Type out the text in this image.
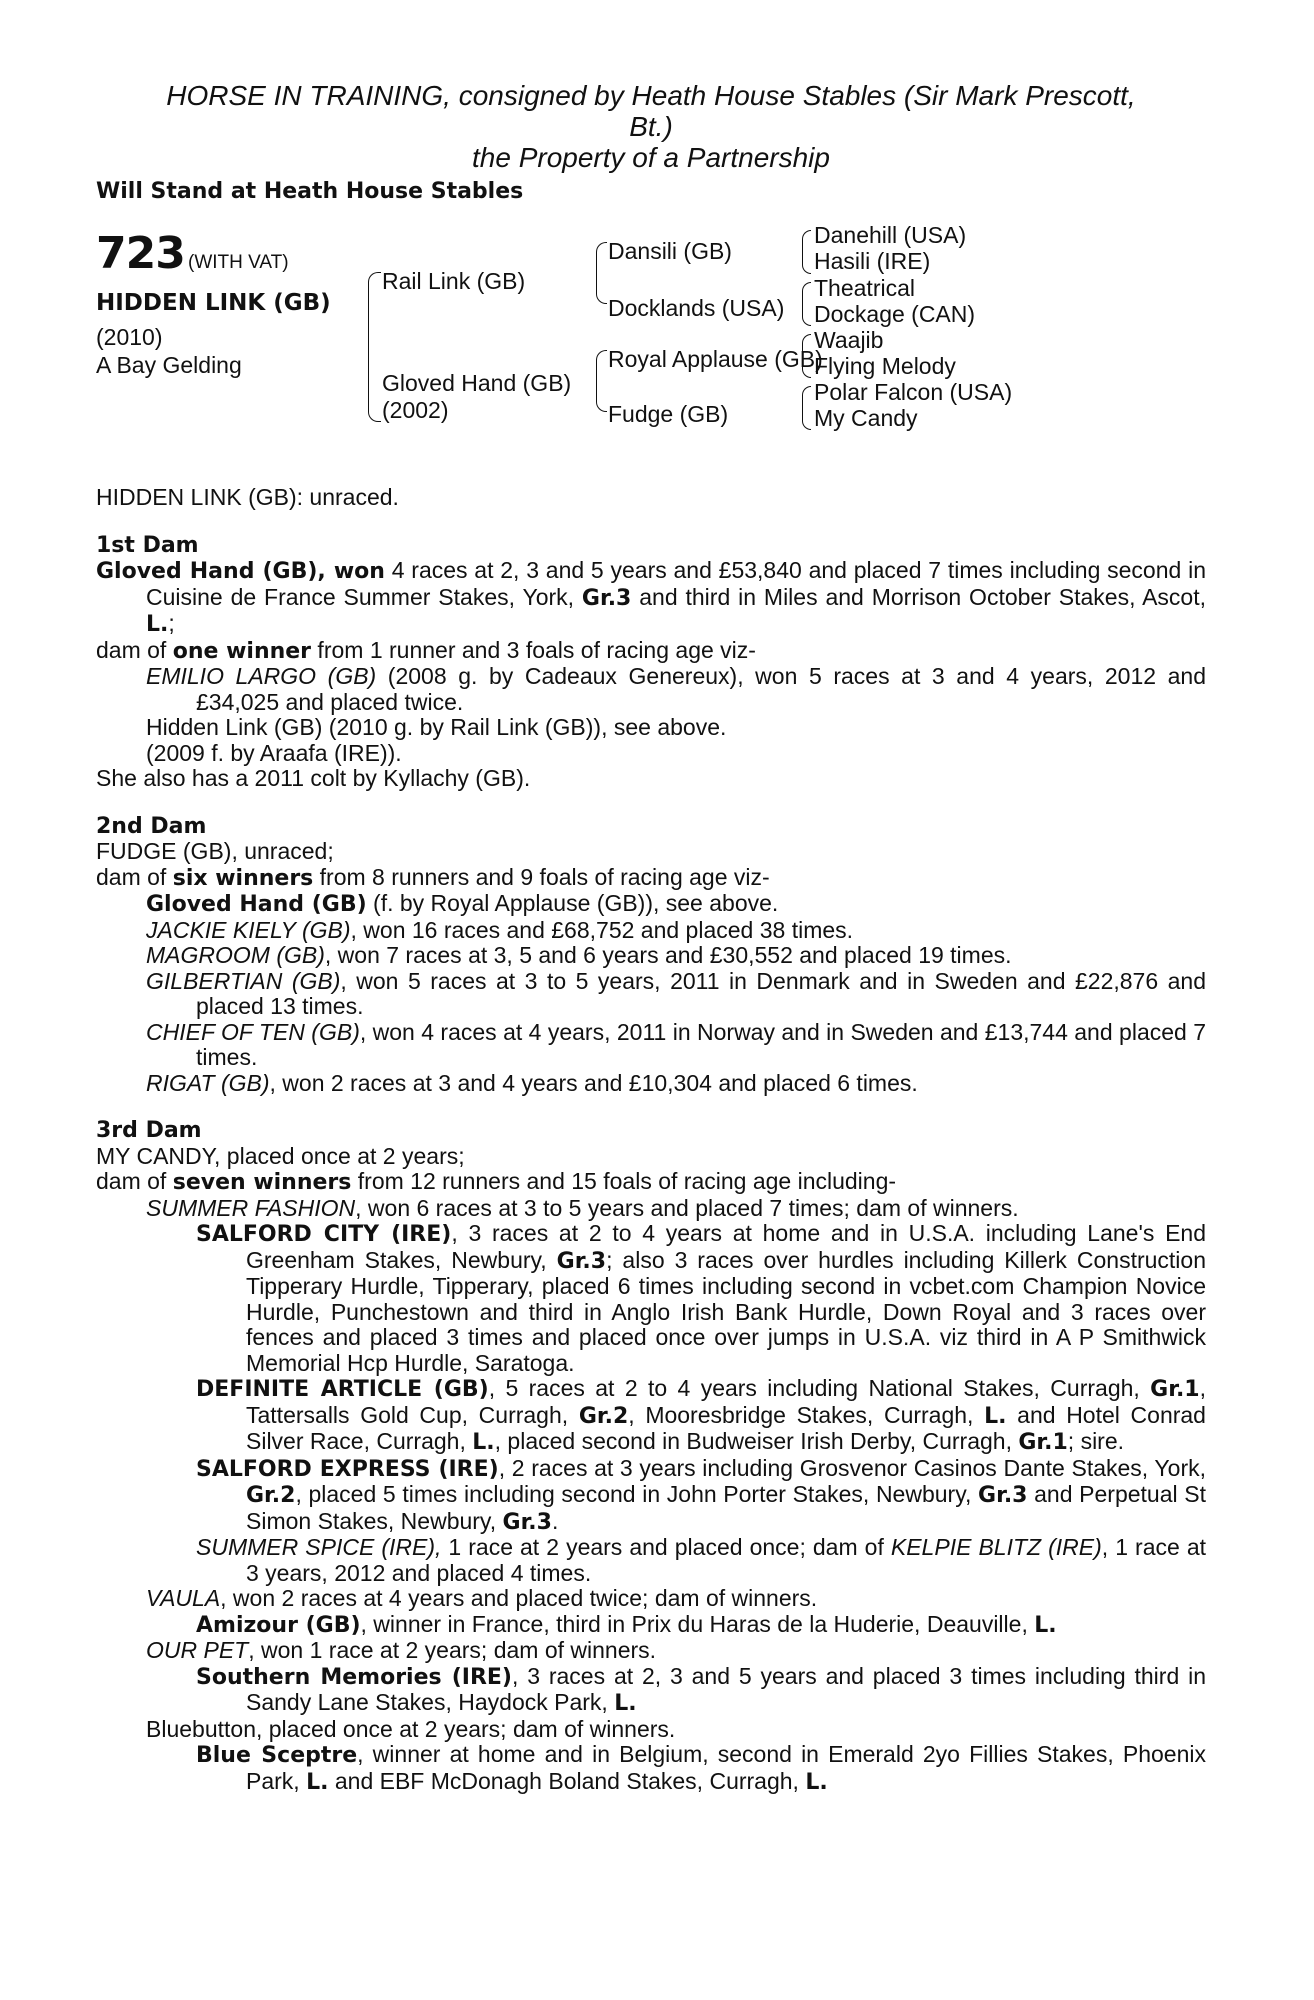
HORSE IN TRAINING, consigned by Heath House Stables (Sir Mark Prescott,
Bt.)
the Property of a Partnership
Will Stand at Heath House Stables
723 (WITH VAT)
HIDDEN LINK (GB)
(2010)
A Bay Gelding
Rail Link (GB)
Gloved Hand (GB)
(2002)
Dansili (GB)
Docklands (USA)
Royal Applause (GB)
Fudge (GB)
Danehill (USA)
Hasili (IRE)
Theatrical
Dockage (CAN)
Waajib
Flying Melody
Polar Falcon (USA)
My Candy
HIDDEN LINK (GB): unraced.
1st Dam
Gloved Hand (GB), won 4 races at 2, 3 and 5 years and £53,840 and placed 7 times including second in Cuisine de France Summer Stakes, York, Gr.3 and third in Miles and Morrison October Stakes, Ascot, L.;
dam of one winner from 1 runner and 3 foals of racing age viz-
EMILIO LARGO (GB) (2008 g. by Cadeaux Genereux), won 5 races at 3 and 4 years, 2012 and £34,025 and placed twice.
Hidden Link (GB) (2010 g. by Rail Link (GB)), see above.
(2009 f. by Araafa (IRE)).
She also has a 2011 colt by Kyllachy (GB).
2nd Dam
FUDGE (GB), unraced;
dam of six winners from 8 runners and 9 foals of racing age viz-
Gloved Hand (GB) (f. by Royal Applause (GB)), see above.
JACKIE KIELY (GB), won 16 races and £68,752 and placed 38 times.
MAGROOM (GB), won 7 races at 3, 5 and 6 years and £30,552 and placed 19 times.
GILBERTIAN (GB), won 5 races at 3 to 5 years, 2011 in Denmark and in Sweden and £22,876 and placed 13 times.
CHIEF OF TEN (GB), won 4 races at 4 years, 2011 in Norway and in Sweden and £13,744 and placed 7 times.
RIGAT (GB), won 2 races at 3 and 4 years and £10,304 and placed 6 times.
3rd Dam
MY CANDY, placed once at 2 years;
dam of seven winners from 12 runners and 15 foals of racing age including-
SUMMER FASHION, won 6 races at 3 to 5 years and placed 7 times; dam of winners.
SALFORD CITY (IRE), 3 races at 2 to 4 years at home and in U.S.A. including Lane's End Greenham Stakes, Newbury, Gr.3; also 3 races over hurdles including Killerk Construction Tipperary Hurdle, Tipperary, placed 6 times including second in vcbet.com Champion Novice Hurdle, Punchestown and third in Anglo Irish Bank Hurdle, Down Royal and 3 races over fences and placed 3 times and placed once over jumps in U.S.A. viz third in A P Smithwick Memorial Hcp Hurdle, Saratoga.
DEFINITE ARTICLE (GB), 5 races at 2 to 4 years including National Stakes, Curragh, Gr.1, Tattersalls Gold Cup, Curragh, Gr.2, Mooresbridge Stakes, Curragh, L. and Hotel Conrad Silver Race, Curragh, L., placed second in Budweiser Irish Derby, Curragh, Gr.1; sire.
SALFORD EXPRESS (IRE), 2 races at 3 years including Grosvenor Casinos Dante Stakes, York, Gr.2, placed 5 times including second in John Porter Stakes, Newbury, Gr.3 and Perpetual St Simon Stakes, Newbury, Gr.3.
SUMMER SPICE (IRE), 1 race at 2 years and placed once; dam of KELPIE BLITZ (IRE), 1 race at 3 years, 2012 and placed 4 times.
VAULA, won 2 races at 4 years and placed twice; dam of winners.
Amizour (GB), winner in France, third in Prix du Haras de la Huderie, Deauville, L.
OUR PET, won 1 race at 2 years; dam of winners.
Southern Memories (IRE), 3 races at 2, 3 and 5 years and placed 3 times including third in Sandy Lane Stakes, Haydock Park, L.
Bluebutton, placed once at 2 years; dam of winners.
Blue Sceptre, winner at home and in Belgium, second in Emerald 2yo Fillies Stakes, Phoenix Park, L. and EBF McDonagh Boland Stakes, Curragh, L.
